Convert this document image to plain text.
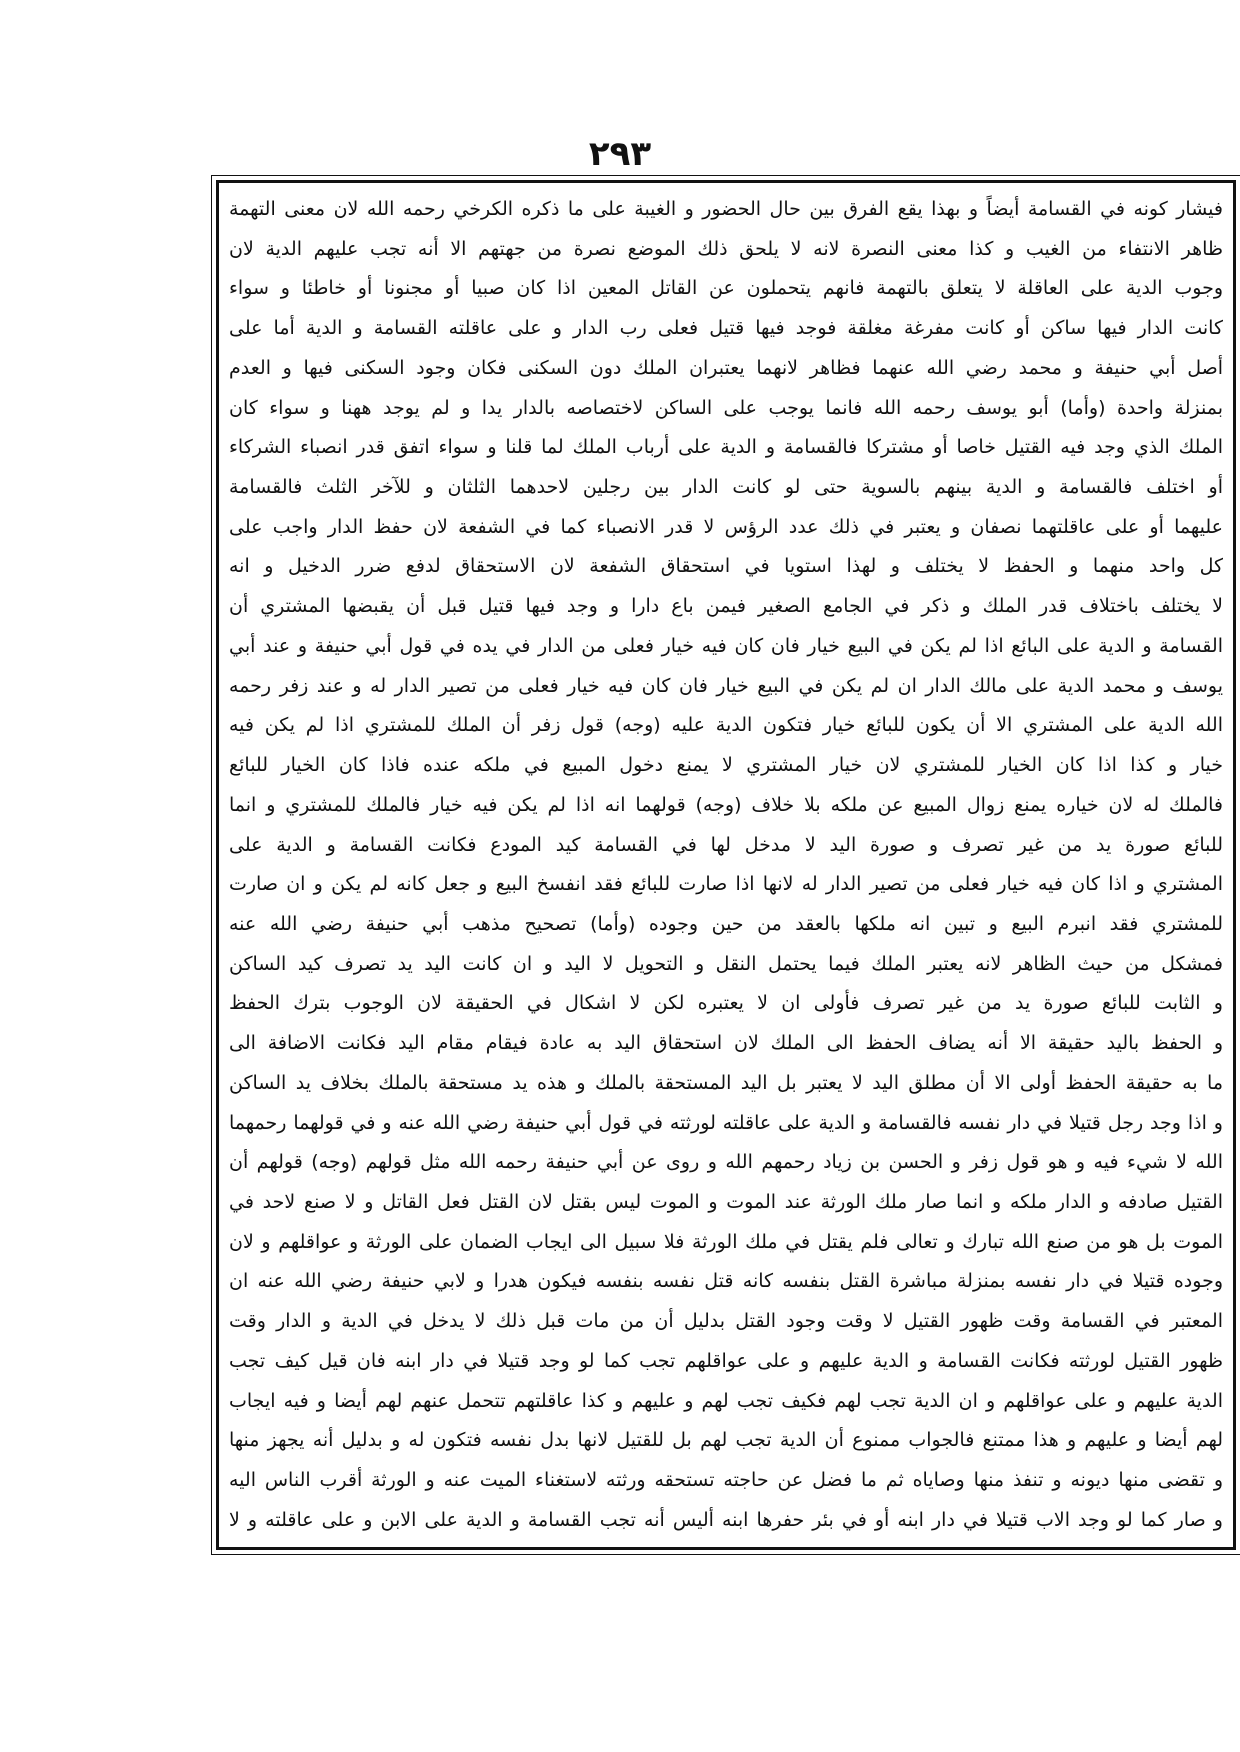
٢٩٣
فيشار كونه في القسامة أيضاً و بهذا يقع الفرق بين حال الحضور و الغيبة على ما ذكره الكرخي رحمه الله لان معنى التهمة
ظاهر الانتفاء من الغيب و كذا معنى النصرة لانه لا يلحق ذلك الموضع نصرة من جهتهم الا أنه تجب عليهم الدية لان
وجوب الدية على العاقلة لا يتعلق بالتهمة فانهم يتحملون عن القاتل المعين اذا كان صبيا أو مجنونا أو خاطئا و سواء
كانت الدار فيها ساكن أو كانت مفرغة مغلقة فوجد فيها قتيل فعلى رب الدار و على عاقلته القسامة و الدية أما على
أصل أبي حنيفة و محمد رضي الله عنهما فظاهر لانهما يعتبران الملك دون السكنى فكان وجود السكنى فيها و العدم
بمنزلة واحدة (وأما) أبو يوسف رحمه الله فانما يوجب على الساكن لاختصاصه بالدار يدا و لم يوجد ههنا و سواء كان
الملك الذي وجد فيه القتيل خاصا أو مشتركا فالقسامة و الدية على أرباب الملك لما قلنا و سواء اتفق قدر انصباء الشركاء
أو اختلف فالقسامة و الدية بينهم بالسوية حتى لو كانت الدار بين رجلين لاحدهما الثلثان و للآخر الثلث فالقسامة
عليهما أو على عاقلتهما نصفان و يعتبر في ذلك عدد الرؤس لا قدر الانصباء كما في الشفعة لان حفظ الدار واجب على
كل واحد منهما و الحفظ لا يختلف و لهذا استويا في استحقاق الشفعة لان الاستحقاق لدفع ضرر الدخيل و انه
لا يختلف باختلاف قدر الملك و ذكر في الجامع الصغير فيمن باع دارا و وجد فيها قتيل قبل أن يقبضها المشتري أن
القسامة و الدية على البائع اذا لم يكن في البيع خيار فان كان فيه خيار فعلى من الدار في يده في قول أبي حنيفة و عند أبي
يوسف و محمد الدية على مالك الدار ان لم يكن في البيع خيار فان كان فيه خيار فعلى من تصير الدار له و عند زفر رحمه
الله الدية على المشتري الا أن يكون للبائع خيار فتكون الدية عليه (وجه) قول زفر أن الملك للمشتري اذا لم يكن فيه
خيار و كذا اذا كان الخيار للمشتري لان خيار المشتري لا يمنع دخول المبيع في ملكه عنده فاذا كان الخيار للبائع
فالملك له لان خياره يمنع زوال المبيع عن ملكه بلا خلاف (وجه) قولهما انه اذا لم يكن فيه خيار فالملك للمشتري و انما
للبائع صورة يد من غير تصرف و صورة اليد لا مدخل لها في القسامة كيد المودع فكانت القسامة و الدية على
المشتري و اذا كان فيه خيار فعلى من تصير الدار له لانها اذا صارت للبائع فقد انفسخ البيع و جعل كانه لم يكن و ان صارت
للمشتري فقد انبرم البيع و تبين انه ملكها بالعقد من حين وجوده (وأما) تصحيح مذهب أبي حنيفة رضي الله عنه
فمشكل من حيث الظاهر لانه يعتبر الملك فيما يحتمل النقل و التحويل لا اليد و ان كانت اليد يد تصرف كيد الساكن
و الثابت للبائع صورة يد من غير تصرف فأولى ان لا يعتبره لكن لا اشكال في الحقيقة لان الوجوب بترك الحفظ
و الحفظ باليد حقيقة الا أنه يضاف الحفظ الى الملك لان استحقاق اليد به عادة فيقام مقام اليد فكانت الاضافة الى
ما به حقيقة الحفظ أولى الا أن مطلق اليد لا يعتبر بل اليد المستحقة بالملك و هذه يد مستحقة بالملك بخلاف يد الساكن
و اذا وجد رجل قتيلا في دار نفسه فالقسامة و الدية على عاقلته لورثته في قول أبي حنيفة رضي الله عنه و في قولهما رحمهما
الله لا شيء فيه و هو قول زفر و الحسن بن زياد رحمهم الله و روى عن أبي حنيفة رحمه الله مثل قولهم (وجه) قولهم أن
القتيل صادفه و الدار ملكه و انما صار ملك الورثة عند الموت و الموت ليس بقتل لان القتل فعل القاتل و لا صنع لاحد في
الموت بل هو من صنع الله تبارك و تعالى فلم يقتل في ملك الورثة فلا سبيل الى ايجاب الضمان على الورثة و عواقلهم و لان
وجوده قتيلا في دار نفسه بمنزلة مباشرة القتل بنفسه كانه قتل نفسه بنفسه فيكون هدرا و لابي حنيفة رضي الله عنه ان
المعتبر في القسامة وقت ظهور القتيل لا وقت وجود القتل بدليل أن من مات قبل ذلك لا يدخل في الدية و الدار وقت
ظهور القتيل لورثته فكانت القسامة و الدية عليهم و على عواقلهم تجب كما لو وجد قتيلا في دار ابنه فان قيل كيف تجب
الدية عليهم و على عواقلهم و ان الدية تجب لهم فكيف تجب لهم و عليهم و كذا عاقلتهم تتحمل عنهم لهم أيضا و فيه ايجاب
لهم أيضا و عليهم و هذا ممتنع فالجواب ممنوع أن الدية تجب لهم بل للقتيل لانها بدل نفسه فتكون له و بدليل أنه يجهز منها
و تقضى منها ديونه و تنفذ منها وصاياه ثم ما فضل عن حاجته تستحقه ورثته لاستغناء الميت عنه و الورثة أقرب الناس اليه
و صار كما لو وجد الاب قتيلا في دار ابنه أو في بئر حفرها ابنه أليس أنه تجب القسامة و الدية على الابن و على عاقلته و لا
